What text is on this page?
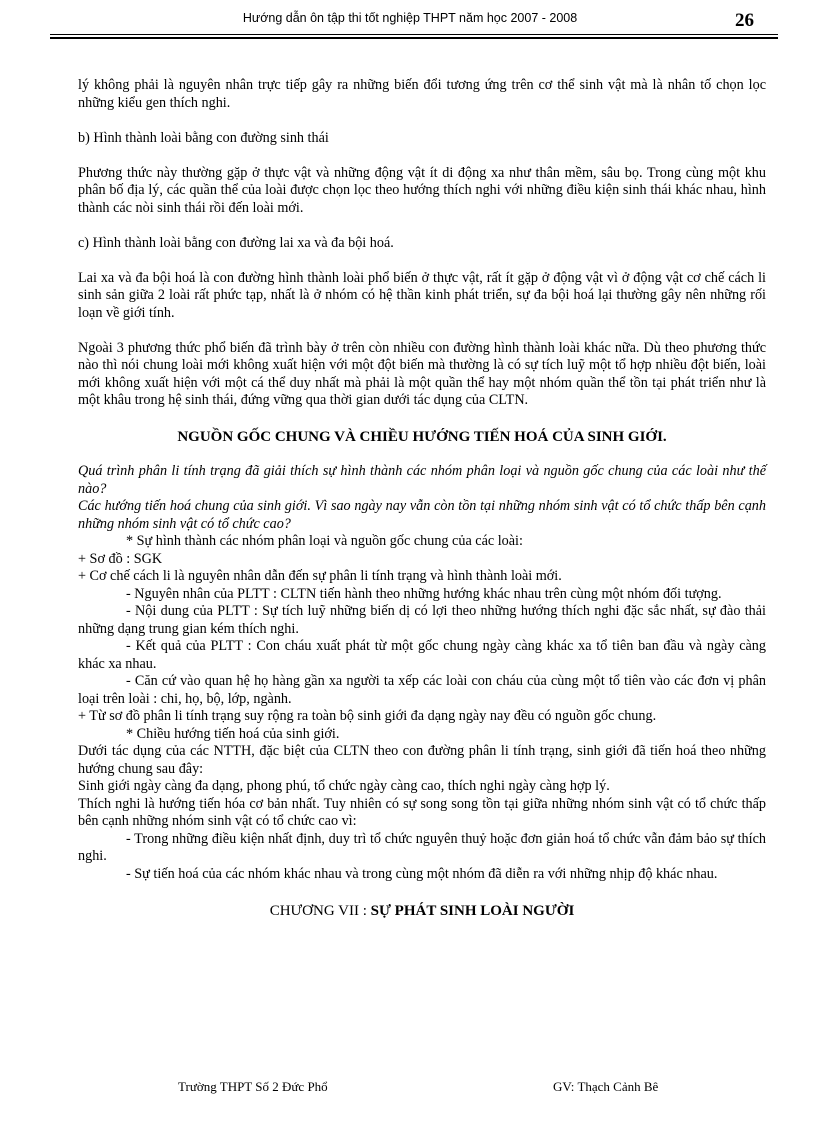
Hướng dẫn ôn tập thi tốt nghiệp THPT năm học 2007 - 2008	26

lý không phải là nguyên nhân trực tiếp gây ra những biến đổi tương ứng trên cơ thể sinh vật mà là nhân tố chọn lọc những kiểu gen thích nghi.

b) Hình thành loài bằng con đường sinh thái

Phương thức này thường gặp ở thực vật và những động vật ít di động xa như thân mềm, sâu bọ. Trong cùng một khu phân bố địa lý, các quần thể của loài được chọn lọc theo hướng thích nghi với những điều kiện sinh thái khác nhau, hình thành các nòi sinh thái rồi đến loài mới.

c) Hình thành loài bằng con đường lai xa và đa bội hoá.

Lai xa và đa bội hoá là con đường hình thành loài phổ biến ở thực vật, rất ít gặp ở động vật vì ở động vật cơ chế cách li sinh sản giữa 2 loài rất phức tạp, nhất là ở nhóm có hệ thần kinh phát triển, sự đa bội hoá lại thường gây nên những rối loạn về giới tính.

Ngoài 3 phương thức phổ biến đã trình bày ở trên còn nhiều con đường hình thành loài khác nữa. Dù theo phương thức nào thì nói chung loài mới không xuất hiện với một đột biến mà thường là có sự tích luỹ một tổ hợp nhiều đột biến, loài mới không xuất hiện với một cá thể duy nhất mà phải là một quần thể hay một nhóm quần thể tồn tại phát triển như là một khâu trong hệ sinh thái, đứng vững qua thời gian dưới tác dụng của CLTN.

NGUỒN GỐC CHUNG VÀ CHIỀU HƯỚNG TIẾN HOÁ CỦA SINH GIỚI.

Quá trình phân li tính trạng đã giải thích sự hình thành các nhóm phân loại và nguồn gốc chung của các loài như thế nào?

Các hướng tiến hoá chung của sinh giới. Vì sao ngày nay vẫn còn tồn tại những nhóm sinh vật có tổ chức thấp bên cạnh những nhóm sinh vật có tổ chức cao?

* Sự hình thành các nhóm phân loại và nguồn gốc chung của các loài:

+ Sơ đồ : SGK

+ Cơ chế cách li là nguyên nhân dẫn đến sự phân li tính trạng và hình thành loài mới.

- Nguyên nhân của PLTT : CLTN tiến hành theo những hướng khác nhau trên cùng một nhóm đối tượng.

- Nội dung của PLTT : Sự tích luỹ những biến dị có lợi theo những hướng thích nghi đặc sắc nhất, sự đào thải những dạng trung gian kém thích nghi.

- Kết quả của PLTT : Con cháu xuất phát từ một gốc chung ngày càng khác xa tổ tiên ban đầu và ngày càng khác xa nhau.

- Căn cứ vào quan hệ họ hàng gần xa người ta xếp các loài con cháu của cùng một tổ tiên vào các đơn vị phân loại trên loài : chi, họ, bộ, lớp, ngành.

+ Từ sơ đồ phân li tính trạng suy rộng ra toàn bộ sinh giới đa dạng ngày nay đều có nguồn gốc chung.

* Chiều hướng tiến hoá của sinh giới.

Dưới tác dụng của các NTTH, đặc biệt của CLTN theo con đường phân li tính trạng, sinh giới đã tiến hoá theo những hướng chung sau đây:

Sinh giới ngày càng đa dạng, phong phú, tổ chức ngày càng cao, thích nghi ngày càng hợp lý.

Thích nghi là hướng tiến hóa cơ bản nhất. Tuy nhiên có sự song song tồn tại giữa những nhóm sinh vật có tổ chức thấp bên cạnh những nhóm sinh vật có tổ chức cao vì:

- Trong những điều kiện nhất định, duy trì tổ chức nguyên thuỷ hoặc đơn giản hoá tổ chức vẫn đảm bảo sự thích nghi.

- Sự tiến hoá của các nhóm khác nhau và trong cùng một nhóm đã diễn ra với những nhịp độ khác nhau.

CHƯƠNG VII : SỰ PHÁT SINH LOÀI NGƯỜI

Trường THPT Số 2 Đức Phổ	GV: Thạch Cảnh Bê
